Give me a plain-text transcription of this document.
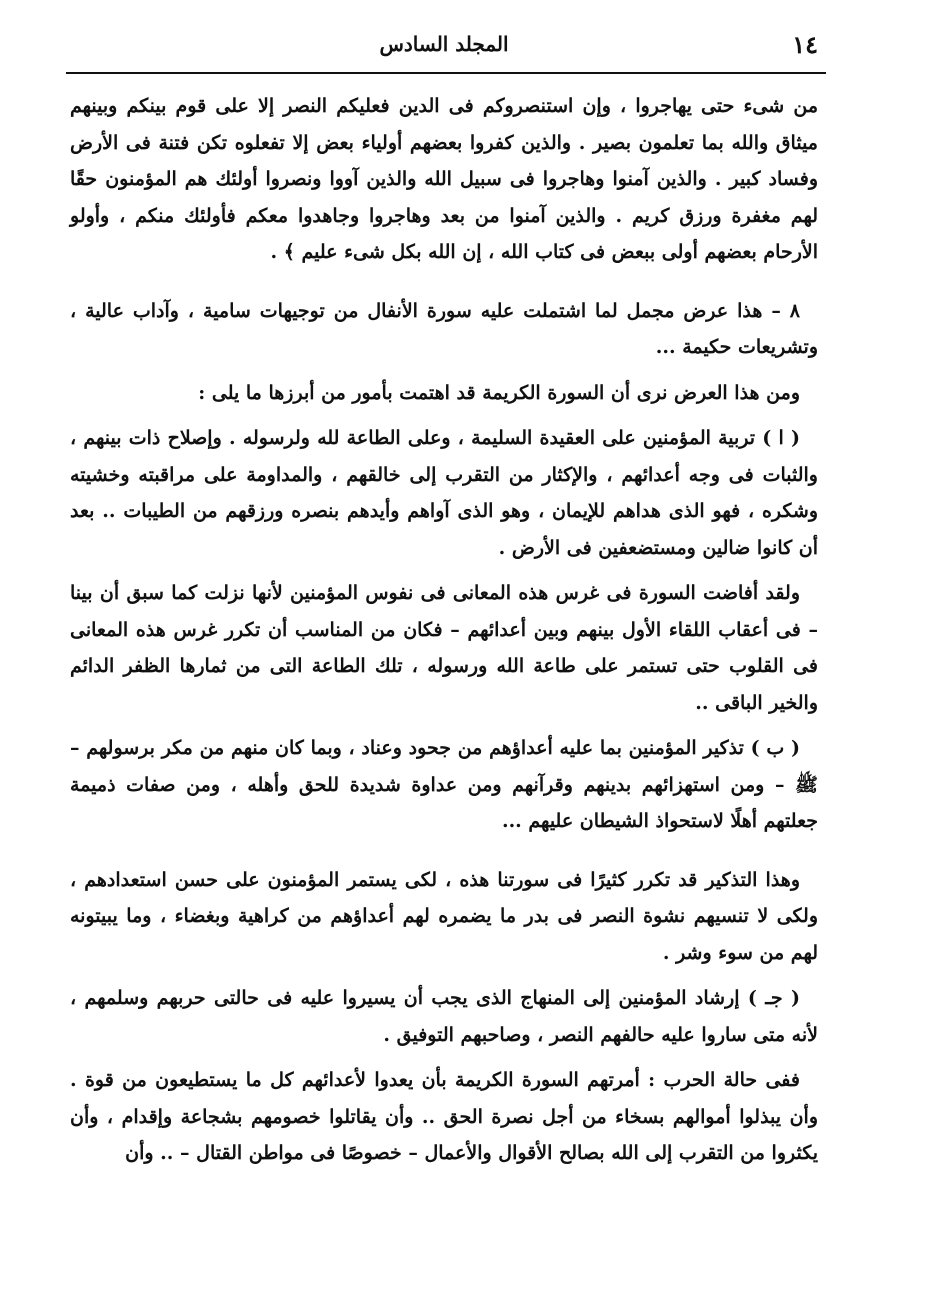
١٤
المجلد السادس

من شىء حتى يهاجروا ، وإن استنصروكم فى الدين فعليكم النصر إلا على قوم بينكم وبينهم ميثاق والله بما تعلمون بصير . والذين كفروا بعضهم أولياء بعض إلا تفعلوه تكن فتنة فى الأرض وفساد كبير . والذين آمنوا وهاجروا فى سبيل الله والذين آووا ونصروا أولئك هم المؤمنون حقًا لهم مغفرة ورزق كريم . والذين آمنوا من بعد وهاجروا وجاهدوا معكم فأولئك منكم ، وأولو الأرحام بعضهم أولى ببعض فى كتاب الله ، إن الله بكل شىء عليم ﴾ .

٨ – هذا عرض مجمل لما اشتملت عليه سورة الأنفال من توجيهات سامية ، وآداب عالية ، وتشريعات حكيمة ...

ومن هذا العرض نرى أن السورة الكريمة قد اهتمت بأمور من أبرزها ما يلى :

( ا ) تربية المؤمنين على العقيدة السليمة ، وعلى الطاعة لله ولرسوله . وإصلاح ذات بينهم ، والثبات فى وجه أعدائهم ، والإكثار من التقرب إلى خالقهم ، والمداومة على مراقبته وخشيته وشكره ، فهو الذى هداهم للإيمان ، وهو الذى آواهم وأيدهم بنصره ورزقهم من الطيبات .. بعد أن كانوا ضالين ومستضعفين فى الأرض .

ولقد أفاضت السورة فى غرس هذه المعانى فى نفوس المؤمنين لأنها نزلت كما سبق أن بينا – فى أعقاب اللقاء الأول بينهم وبين أعدائهم – فكان من المناسب أن تكرر غرس هذه المعانى فى القلوب حتى تستمر على طاعة الله ورسوله ، تلك الطاعة التى من ثمارها الظفر الدائم والخير الباقى ..

( ب ) تذكير المؤمنين بما عليه أعداؤهم من جحود وعناد ، وبما كان منهم من مكر برسولهم – ﷺ – ومن استهزائهم بدينهم وقرآنهم ومن عداوة شديدة للحق وأهله ، ومن صفات ذميمة جعلتهم أهلًا لاستحواذ الشيطان عليهم ...

وهذا التذكير قد تكرر كثيرًا فى سورتنا هذه ، لكى يستمر المؤمنون على حسن استعدادهم ، ولكى لا تنسيهم نشوة النصر فى بدر ما يضمره لهم أعداؤهم من كراهية وبغضاء ، وما يبيتونه لهم من سوء وشر .

( جـ ) إرشاد المؤمنين إلى المنهاج الذى يجب أن يسيروا عليه فى حالتى حربهم وسلمهم ، لأنه متى ساروا عليه حالفهم النصر ، وصاحبهم التوفيق .

ففى حالة الحرب : أمرتهم السورة الكريمة بأن يعدوا لأعدائهم كل ما يستطيعون من قوة . وأن يبذلوا أموالهم بسخاء من أجل نصرة الحق .. وأن يقاتلوا خصومهم بشجاعة وإقدام ، وأن يكثروا من التقرب إلى الله بصالح الأقوال والأعمال – خصوصًا فى مواطن القتال – .. وأن
